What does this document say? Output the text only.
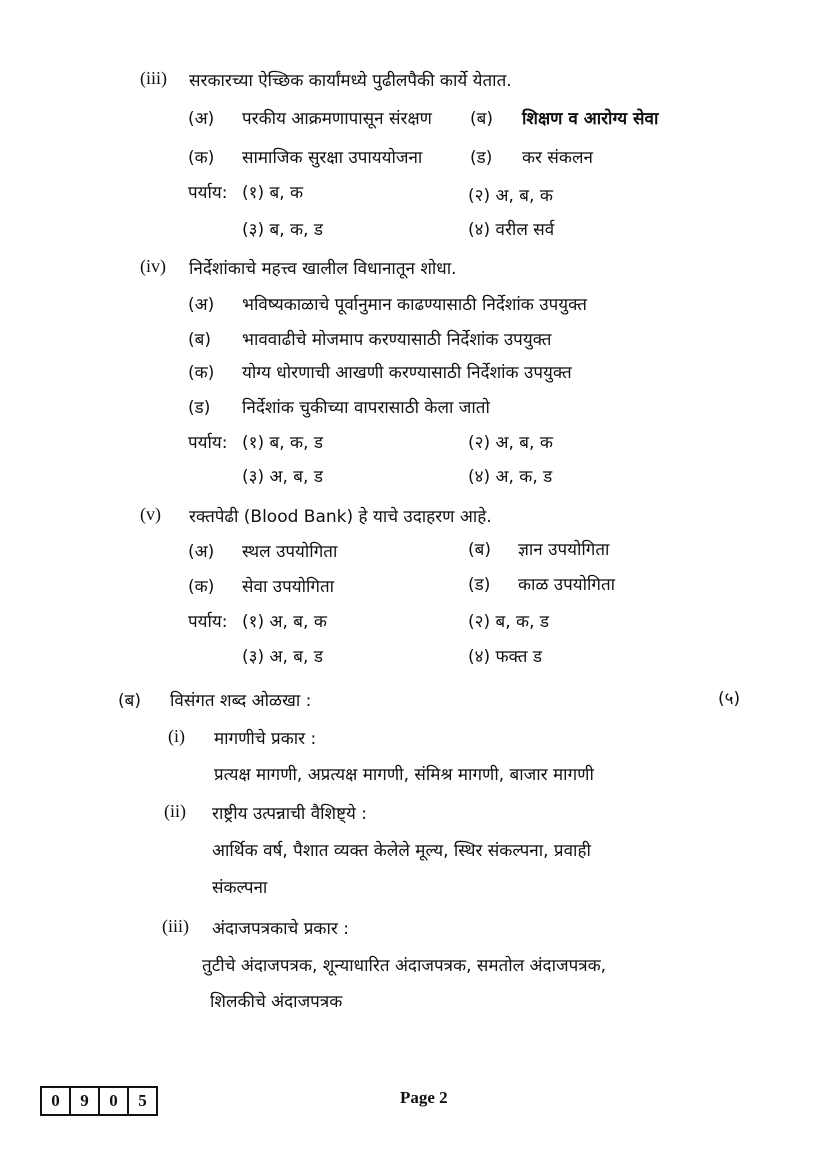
(iii) सरकारच्या ऐच्छिक कार्यांमध्ये पुढीलपैकी कार्ये येतात.
(अ) परकीय आक्रमणापासून संरक्षण (ब) शिक्षण व आरोग्य सेवा
(क) सामाजिक सुरक्षा उपाययोजना	(ड) कर संकलन
पर्याय: (१) ब, क	(२) अ, ब, क
(३) ब, क, ड	(४) वरील सर्व
(iv) निर्देशांकाचे महत्त्व खालील विधानातून शोधा.
(अ) भविष्यकाळाचे पूर्वानुमान काढण्यासाठी निर्देशांक उपयुक्त
(ब) भाववाढीचे मोजमाप करण्यासाठी निर्देशांक उपयुक्त
(क) योग्य धोरणाची आखणी करण्यासाठी निर्देशांक उपयुक्त
(ड) निर्देशांक चुकीच्या वापरासाठी केला जातो
पर्याय: (१) ब, क, ड	(२) अ, ब, क
(३) अ, ब, ड	(४) अ, क, ड
(v) रक्तपेढी (Blood Bank) हे याचे उदाहरण आहे.
(अ) स्थल उपयोगिता	(ब) ज्ञान उपयोगिता
(क) सेवा उपयोगिता	(ड) काळ उपयोगिता
पर्याय: (१) अ, ब, क	(२) ब, क, ड
(३) अ, ब, ड	(४) फक्त ड
(ब) विसंगत शब्द ओळखा :	(५)
(i) मागणीचे प्रकार :
प्रत्यक्ष मागणी, अप्रत्यक्ष मागणी, संमिश्र मागणी, बाजार मागणी
(ii) राष्ट्रीय उत्पन्नाची वैशिष्ट्ये :
आर्थिक वर्ष, पैशात व्यक्त केलेले मूल्य, स्थिर संकल्पना, प्रवाही
संकल्पना
(iii) अंदाजपत्रकाचे प्रकार :
तुटीचे अंदाजपत्रक, शून्याधारित अंदाजपत्रक, समतोल अंदाजपत्रक,
शिलकीचे अंदाजपत्रक
0	9	0	5	Page 2
